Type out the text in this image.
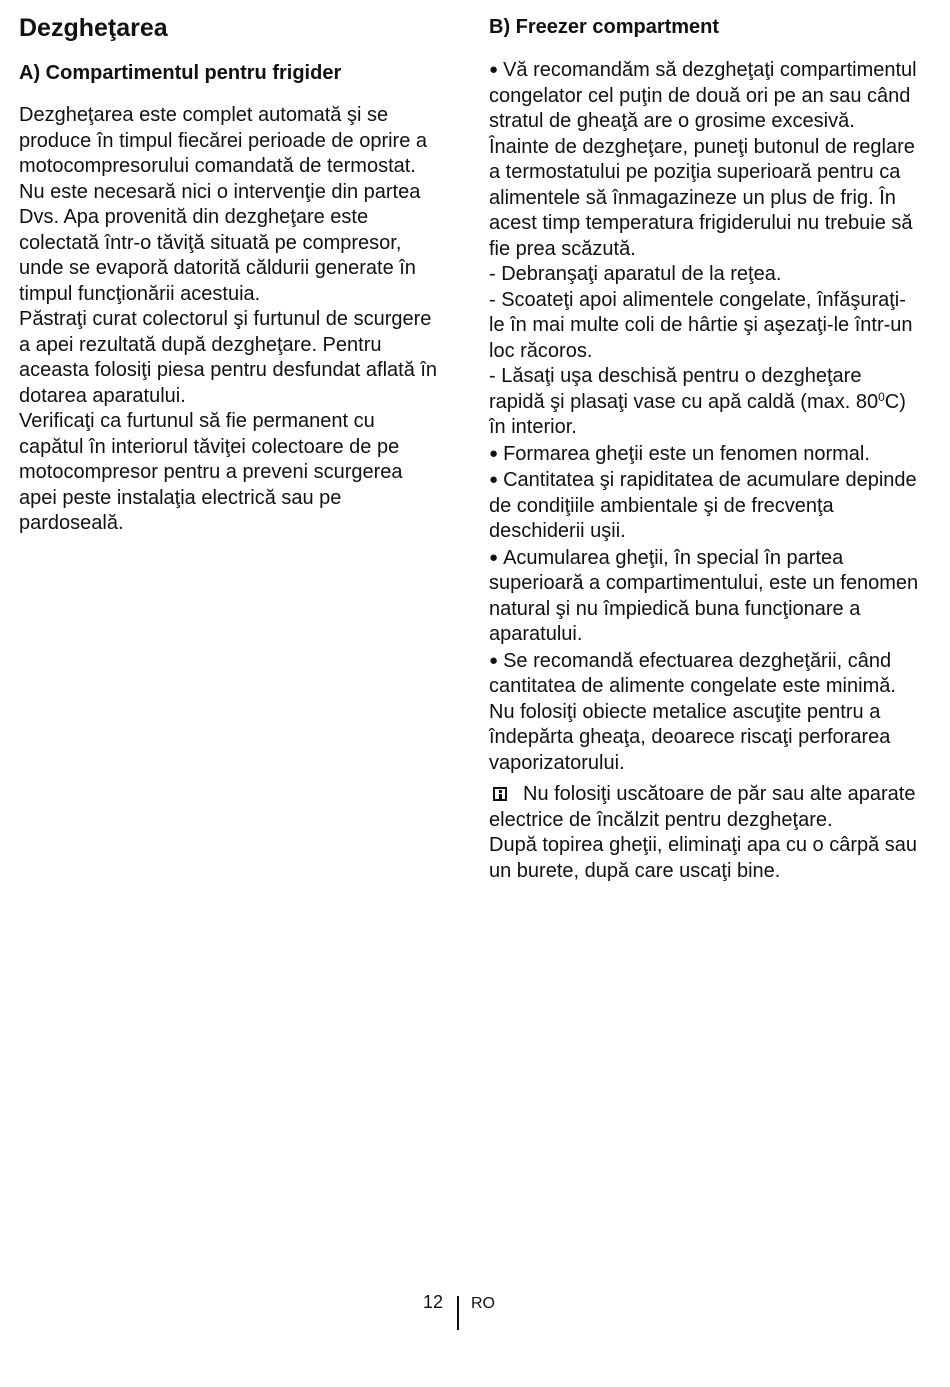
Dezgheţarea
A) Compartimentul pentru frigider

Dezgheţarea este complet automată şi se produce în timpul fiecărei perioade de oprire a motocompresorului comandată de termostat. Nu este necesară nici o intervenţie din partea Dvs. Apa provenită din dezgheţare este colectată într-o tăviţă situată pe compresor, unde se evaporă datorită căldurii generate în timpul funcţionării acestuia.

Păstraţi curat colectorul şi furtunul de scurgere a apei rezultată după dezgheţare. Pentru aceasta folosiţi piesa pentru desfundat aflată în dotarea aparatului.

Verificaţi ca furtunul să fie permanent cu capătul în interiorul tăviţei colectoare de pe motocompresor pentru a preveni scurgerea apei peste instalaţia electrică sau pe pardoseală.

B) Freezer compartment

● Vă recomandăm să dezgheţaţi compartimentul congelator cel puţin de două ori pe an sau când stratul de gheaţă are o grosime excesivă.

Înainte de dezgheţare, puneţi butonul de reglare a termostatului pe poziţia superioară pentru ca alimentele să înmagazineze un plus de frig. În acest timp temperatura frigiderului nu trebuie să fie prea scăzută.

- Debranşaţi aparatul de la reţea.

- Scoateţi apoi alimentele congelate, înfăşuraţi-le în mai multe coli de hârtie şi aşezaţi-le într-un loc răcoros.

- Lăsaţi uşa deschisă pentru o dezgheţare rapidă şi plasaţi vase cu apă caldă (max. $80^0C$) în interior.

● Formarea gheţii este un fenomen normal.

● Cantitatea şi rapiditatea de acumulare depinde de condiţiile ambientale şi de frecvenţa deschiderii uşii.

● Acumularea gheţii, în special în partea superioară a compartimentului, este un fenomen natural şi nu împiedică buna funcţionare a aparatului.

● Se recomandă efectuarea dezgheţării, când cantitatea de alimente congelate este minimă.

Nu folosiţi obiecte metalice ascuţite pentru a îndepărta gheaţa, deoarece riscaţi perforarea vaporizatorului.

Nu folosiţi uscătoare de păr sau alte aparate electrice de încălzit pentru dezgheţare.

După topirea gheţii, eliminaţi apa cu o cârpă sau un burete, după care uscaţi bine.

12 RO
